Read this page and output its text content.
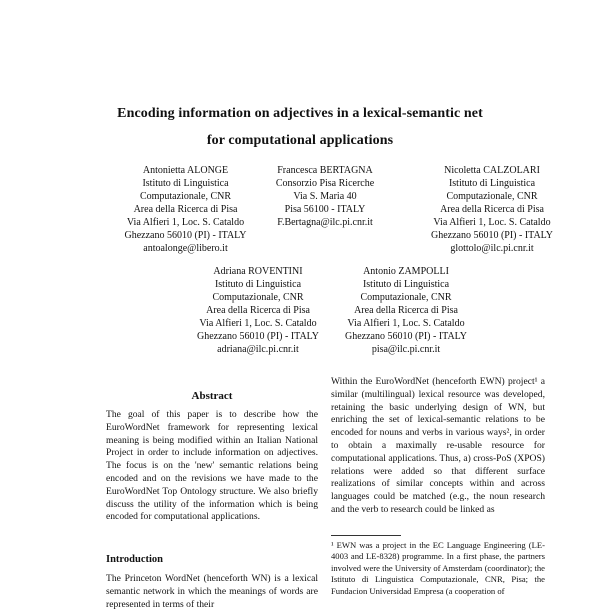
Encoding information on adjectives in a lexical-semantic net
for computational applications
Antonietta ALONGE
Istituto di Linguistica
Computazionale, CNR
Area della Ricerca di Pisa
Via Alfieri 1, Loc. S. Cataldo
Ghezzano 56010 (PI) - ITALY
antoalonge@libero.it
Francesca BERTAGNA
Consorzio Pisa Ricerche
Via S. Maria 40
Pisa 56100 - ITALY
F.Bertagna@ilc.pi.cnr.it
Nicoletta CALZOLARI
Istituto di Linguistica
Computazionale, CNR
Area della Ricerca di Pisa
Via Alfieri 1, Loc. S. Cataldo
Ghezzano 56010 (PI) - ITALY
glottolo@ilc.pi.cnr.it
Adriana ROVENTINI
Istituto di Linguistica
Computazionale, CNR
Area della Ricerca di Pisa
Via Alfieri 1, Loc. S. Cataldo
Ghezzano 56010 (PI) - ITALY
adriana@ilc.pi.cnr.it
Antonio ZAMPOLLI
Istituto di Linguistica
Computazionale, CNR
Area della Ricerca di Pisa
Via Alfieri 1, Loc. S. Cataldo
Ghezzano 56010 (PI) - ITALY
pisa@ilc.pi.cnr.it
Abstract

The goal of this paper is to describe how the EuroWordNet framework for representing lexical meaning is being modified within an Italian National Project in order to include information on adjectives. The focus is on the 'new' semantic relations being encoded and on the revisions we have made to the EuroWordNet Top Ontology structure. We also briefly discuss the utility of the information which is being encoded for computational applications.

Introduction

The Princeton WordNet (henceforth WN) is a lexical semantic network in which the meanings of words are represented in terms of their

Within the EuroWordNet (henceforth EWN) project¹ a similar (multilingual) lexical resource was developed, retaining the basic underlying design of WN, but enriching the set of lexical-semantic relations to be encoded for nouns and verbs in various ways², in order to obtain a maximally re-usable resource for computational applications. Thus, a) cross-PoS (XPOS) relations were added so that different surface realizations of similar concepts within and across languages could be matched (e.g., the noun research and the verb to research could be linked as

¹ EWN was a project in the EC Language Engineering (LE-4003 and LE-8328) programme. In a first phase, the partners involved were the University of Amsterdam (coordinator); the Istituto di Linguistica Computazionale, CNR, Pisa; the Fundacion Universidad Empresa (a cooperation of
